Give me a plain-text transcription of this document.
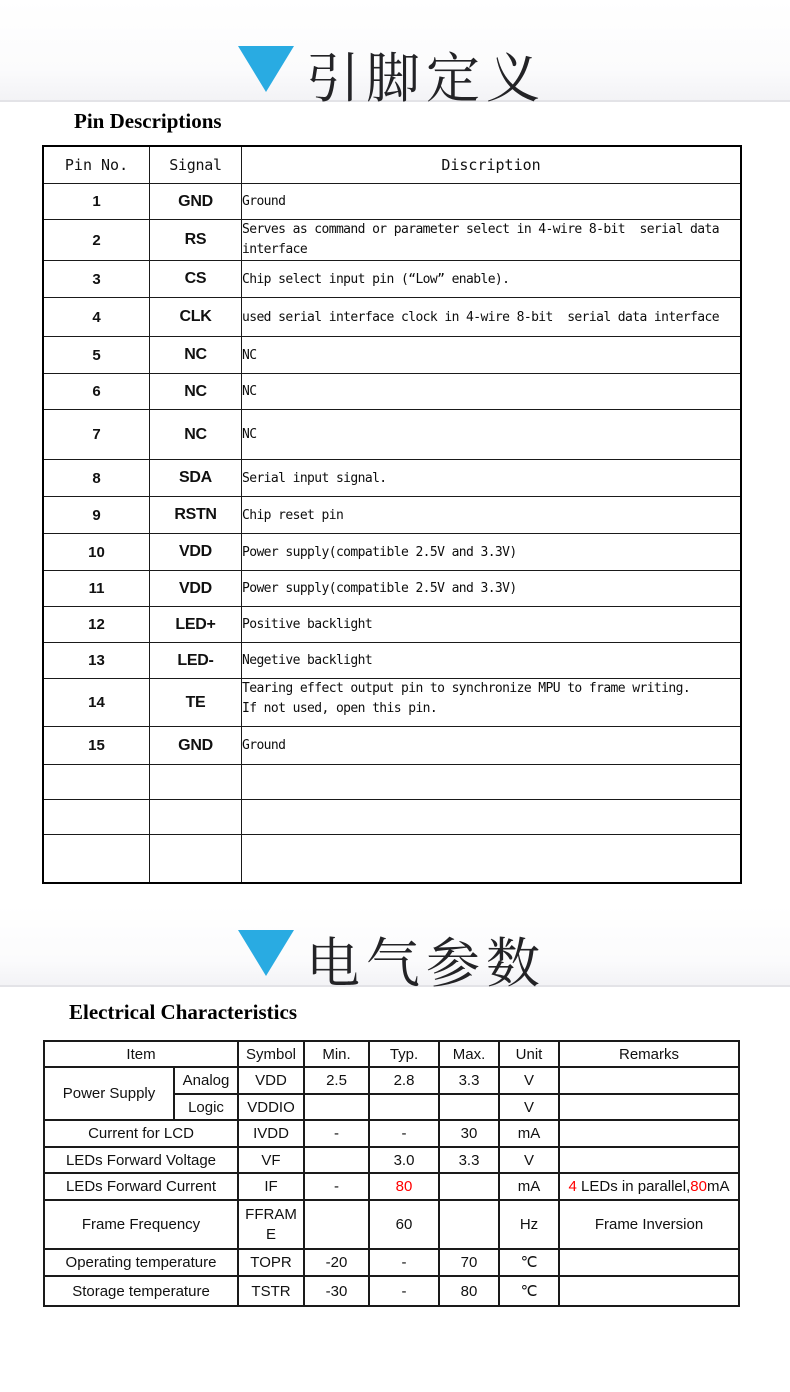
引脚定义
Pin Descriptions
Pin No.	Signal	Discription
1	GND	Ground
2	RS	Serves as command or parameter select in 4-wire 8-bit  serial data
interface

3	CS	Chip select input pin (“Low” enable).
4	CLK	used serial interface clock in 4-wire 8-bit  serial data interface
5	NC	NC
6	NC	NC
7	NC	NC
8	SDA	Serial input signal.
9	RSTN	Chip reset pin
10	VDD	Power supply(compatible 2.5V and 3.3V)
11	VDD	Power supply(compatible 2.5V and 3.3V)
12	LED+	Positive backlight
13	LED-	Negetive backlight
14	TE	Tearing effect output pin to synchronize MPU to frame writing.
If not used, open this pin.

15	GND	Ground

电气参数
Electrical Characteristics
Item		Symbol	Min.	Typ.	Max.	Unit	Remarks
Power Supply	Analog	VDD	2.5	2.8	3.3	V	
	Logic	VDDIO				V	
Current for LCD		IVDD	-	-	30	mA	
LEDs Forward Voltage		VF		3.0	3.3	V	
LEDs Forward Current		IF	-	80		mA	4 LEDs in parallel,80mA
Frame Frequency		FFRAME		60		Hz	Frame Inversion
Operating temperature		TOPR	-20	-	70	℃	
Storage temperature		TSTR	-30	-	80	℃	
